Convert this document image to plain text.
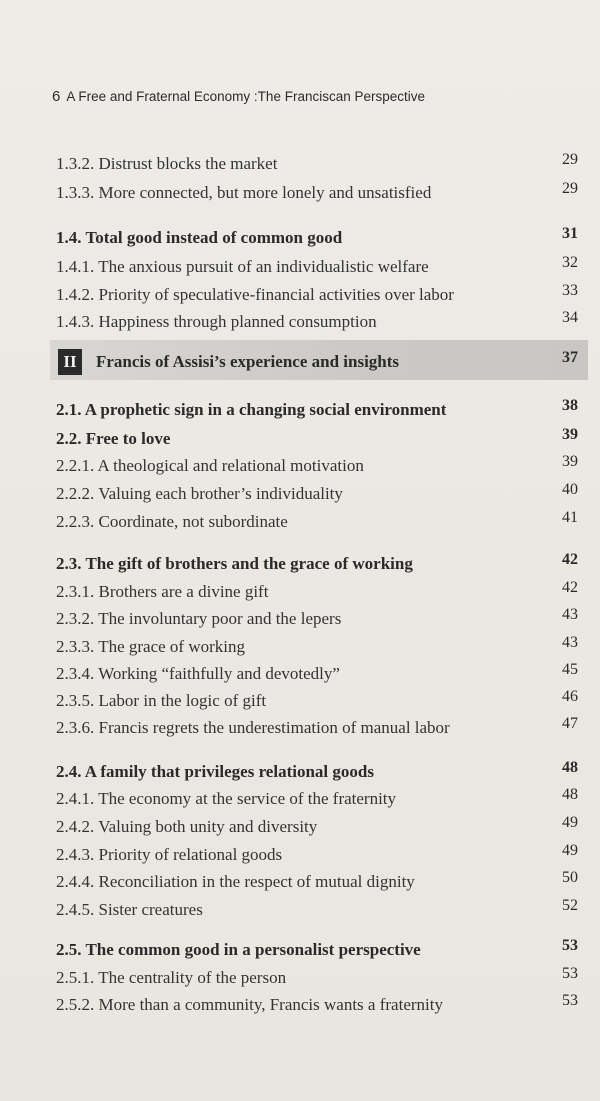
6 A Free and Fraternal Economy :The Franciscan Perspective
1.3.2. Distrust blocks the market	29
1.3.3. More connected, but more lonely and unsatisfied	29
1.4. Total good instead of common good	31
1.4.1. The anxious pursuit of an individualistic welfare	32
1.4.2. Priority of speculative-financial activities over labor	33
1.4.3. Happiness through planned consumption	34
II	Francis of Assisi’s experience and insights	37
2.1. A prophetic sign in a changing social environment	38
2.2. Free to love	39
2.2.1. A theological and relational motivation	39
2.2.2. Valuing each brother’s individuality	40
2.2.3. Coordinate, not subordinate	41
2.3. The gift of brothers and the grace of working	42
2.3.1. Brothers are a divine gift	42
2.3.2. The involuntary poor and the lepers	43
2.3.3. The grace of working	43
2.3.4. Working “faithfully and devotedly”	45
2.3.5. Labor in the logic of gift	46
2.3.6. Francis regrets the underestimation of manual labor	47
2.4. A family that privileges relational goods	48
2.4.1. The economy at the service of the fraternity	48
2.4.2. Valuing both unity and diversity	49
2.4.3. Priority of relational goods	49
2.4.4. Reconciliation in the respect of mutual dignity	50
2.4.5. Sister creatures	52
2.5. The common good in a personalist perspective	53
2.5.1. The centrality of the person	53
2.5.2. More than a community, Francis wants a fraternity	53
